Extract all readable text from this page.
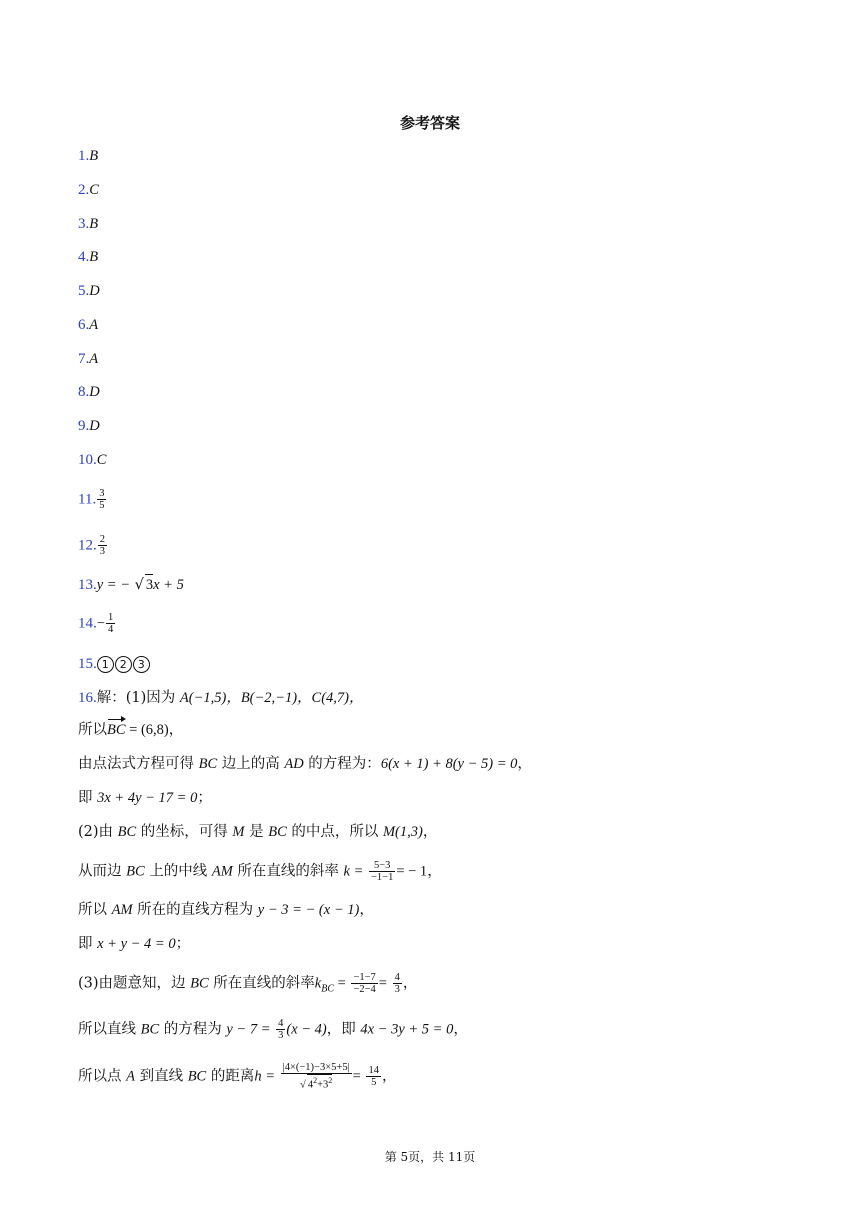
参考答案
1.B
2.C
3.B
4.B
5.D
6.A
7.A
8.D
9.D
10.C
11. $\frac{3}{5}$
12. $\frac{2}{3}$
13.y = − √ 3x + 5
$14.- \frac{1}{4}$
15. 1 2 3
16.解：(1)因为 A(−1,5)，B(−2,−1)，C(4,7)，
所以BC = (6,8)，
由点法式方程可得 BC 边上的高 AD 的方程为：6(x + 1) + 8(y − 5) = 0，
即 3x + 4y − 17 = 0；
(2)由 BC 的坐标，可得 M 是 BC 的中点，所以 M(1,3)，
从而边 BC 上的中线 AM 所在直线的斜率 $k = \frac{5-3}{-1-1}$ = − 1，
所以 AM 所在的直线方程为 y − 3 = − (x − 1)，
即 x + y − 4 = 0；
(3)由题意知，边 BC 所在直线的斜率$k_{BC} = \frac{-1-7}{-2-4} = \frac{4}{3}$ ，
所以直线 BC 的方程为 $y - 7 = \frac{4}{3} (x - 4)$，即 4x − 3y + 5 = 0，
所以点 A 到直线 BC 的距离$h = \frac{|4\times(-1)-3\times 5+5|}{√ 4^2+3^2} = \frac{14}{5}$ ，
第 5页，共 11页
